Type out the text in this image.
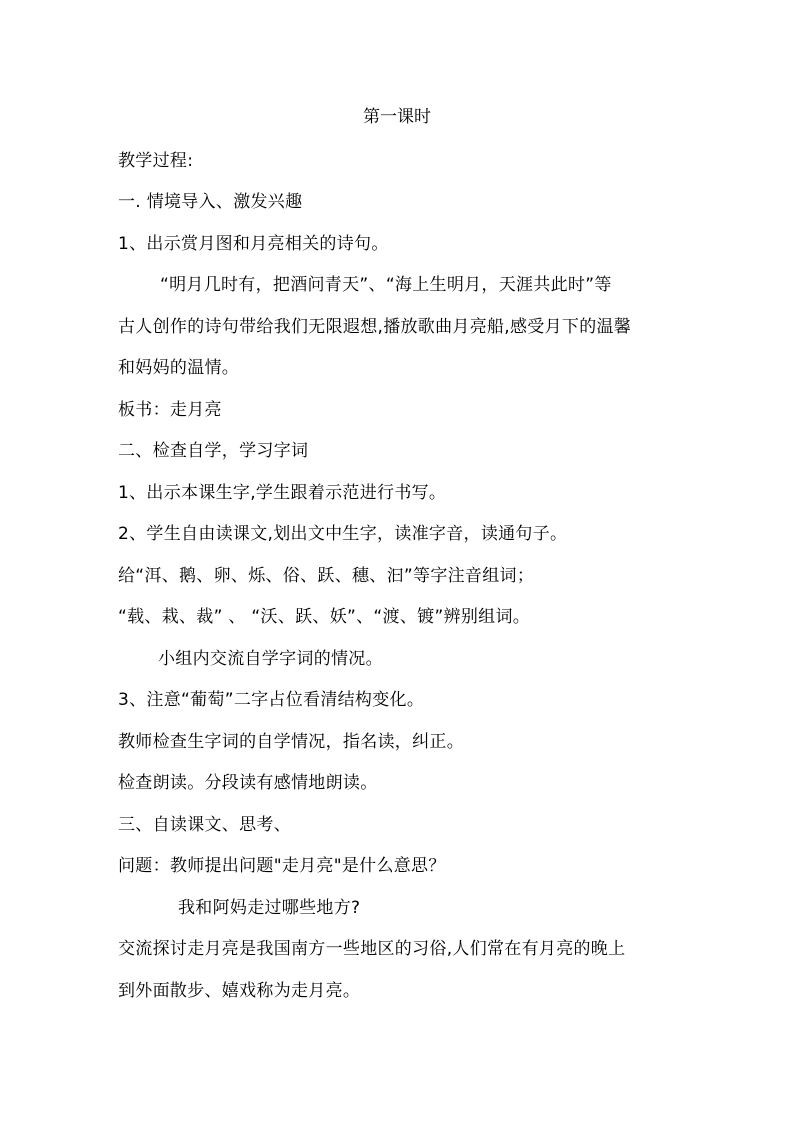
第一课时
教学过程:
一. 情境导入、激发兴趣
1、出示赏月图和月亮相关的诗句。
“明月几时有，把酒问青天”、“海上生明月，天涯共此时”等
古人创作的诗句带给我们无限遐想,播放歌曲月亮船,感受月下的温馨
和妈妈的温情。
板书：走月亮
二、检查自学，学习字词
1、出示本课生字,学生跟着示范进行书写。
2、学生自由读课文,划出文中生字，读准字音，读通句子。
给“洱、鹅、卵、烁、俗、跃、穗、汩”等字注音组词；
“载、栽、裁” 、 “沃、跃、妖”、“渡、镀”辨别组词。
小组内交流自学字词的情况。
3、注意“葡萄”二字占位看清结构变化。
教师检查生字词的自学情况，指名读，纠正。
检查朗读。分段读有感情地朗读。
三、自读课文、思考、
问题：教师提出问题"走月亮"是什么意思？
我和阿妈走过哪些地方?
交流探讨走月亮是我国南方一些地区的习俗,人们常在有月亮的晚上
到外面散步、嬉戏称为走月亮。
